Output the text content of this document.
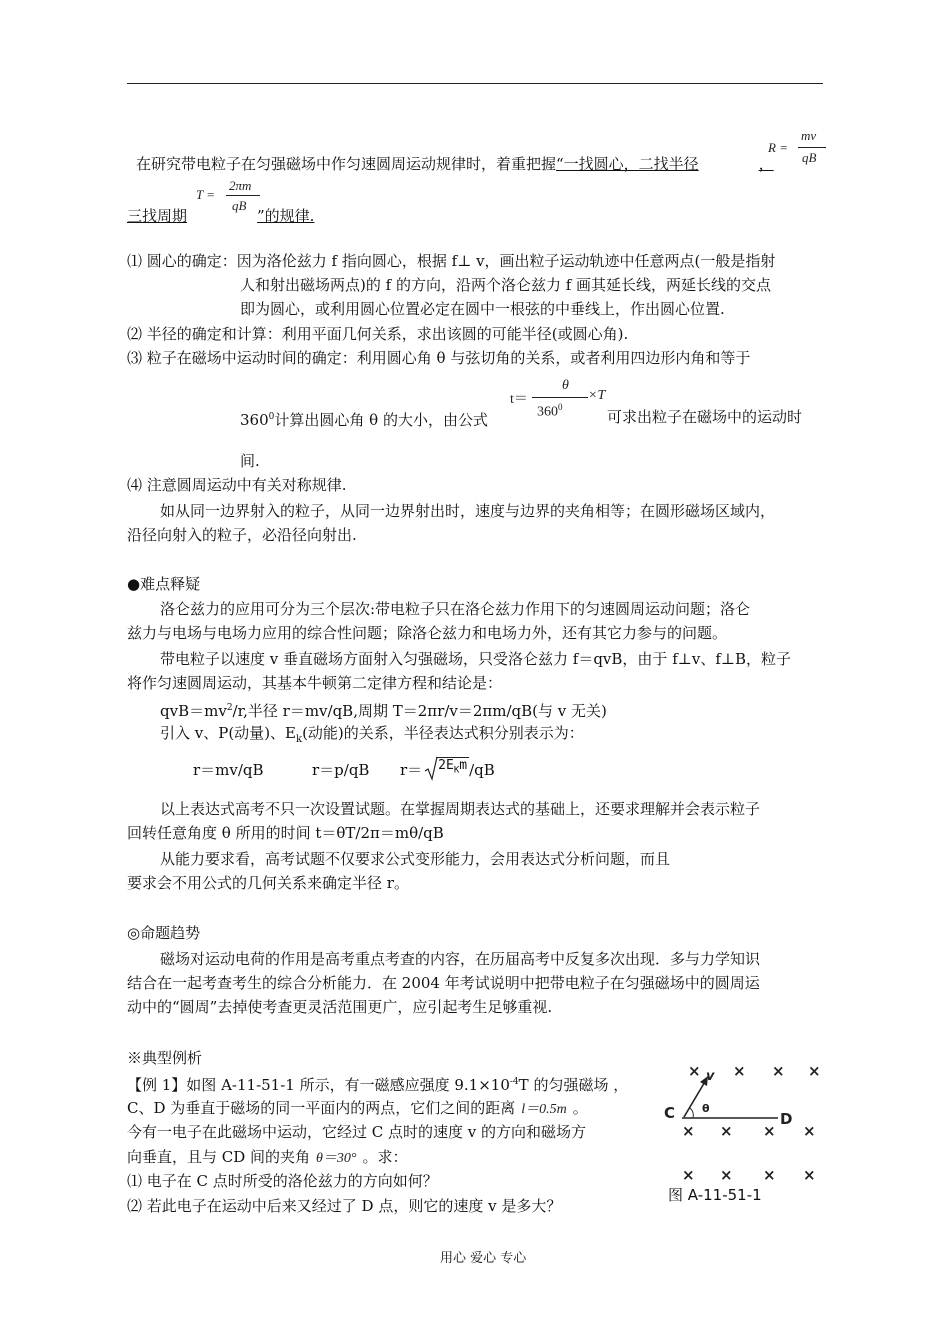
在研究带电粒子在匀强磁场中作匀速圆周运动规律时，着重把握“一找圆心，二找半径	，
R =
mv
qB
三找周期	”的规律.
T =
2πm
qB
⑴ 圆心的确定：因为洛伦兹力 f 指向圆心，根据 f⊥ v，画出粒子运动轨迹中任意两点(一般是指射
人和射出磁场两点)的 f 的方向，沿两个洛仑兹力 f 画其延长线，两延长线的交点
即为圆心，或利用圆心位置必定在圆中一根弦的中垂线上，作出圆心位置.
⑵ 半径的确定和计算：利用平面几何关系，求出该圆的可能半径(或圆心角).
⑶ 粒子在磁场中运动时间的确定：利用圆心角 θ 与弦切角的关系，或者利用四边形内角和等于
t＝
θ
$360^0$
×T
$360^0$计算出圆心角 θ 的大小，由公式	可求出粒子在磁场中的运动时
间.
⑷ 注意圆周运动中有关对称规律.
如从同一边界射入的粒子，从同一边界射出时，速度与边界的夹角相等；在圆形磁场区域内，
沿径向射入的粒子，必沿径向射出.
●难点释疑
洛仑兹力的应用可分为三个层次:带电粒子只在洛仑兹力作用下的匀速圆周运动问题；洛仑
兹力与电场与电场力应用的综合性问题；除洛仑兹力和电场力外，还有其它力参与的问题。
带电粒子以速度 v 垂直磁场方面射入匀强磁场，只受洛仑兹力 f＝qvB，由于 f⊥v、f⊥B，粒子
将作匀速圆周运动，其基本牛顿第二定律方程和结论是：
$qvB=mv^2/r$,半径 r＝mv/qB,周期 T＝2πr/v＝2πm/qB(与 v 无关)
引入 v、P(动量)、$E_k$(动能)的关系，半径表达式积分别表示为：
r＝mv/qB	r＝p/qB $r= 2E_Km$ /qB
以上表达式高考不只一次设置试题。在掌握周期表达式的基础上，还要求理解并会表示粒子
回转任意角度 θ 所用的时间 t＝θT/2π＝mθ/qB
从能力要求看，高考试题不仅要求公式变形能力，会用表达式分析问题，而且
要求会不用公式的几何关系来确定半径 r。
◎命题趋势
磁场对运动电荷的作用是高考重点考查的内容，在历届高考中反复多次出现．多与力学知识
结合在一起考查考生的综合分析能力．在 2004 年考试说明中把带电粒子在匀强磁场中的圆周运
动中的“圆周”去掉使考查更灵活范围更广，应引起考生足够重视.
※典型例析
【例 1】如图 A-11-51-1 所示，有一磁感应强度 $9.1\times 10^{-4}T$ 的匀强磁场 ，
C、D 为垂直于磁场的同一平面内的两点，它们之间的距离 l＝0.5m 。
今有一电子在此磁场中运动，它经过 C 点时的速度 v 的方向和磁场方
向垂直，且与 CD 间的夹角 θ＝30° 。求：
⑴ 电子在 C 点时所受的洛伦兹力的方向如何？
⑵ 若此电子在运动中后来又经过了 D 点，则它的速度 v 是多大？
× × × ×
× × × ×
× × × ×
v
C	D
θ
图 A-11-51-1
用心 爱心 专心
